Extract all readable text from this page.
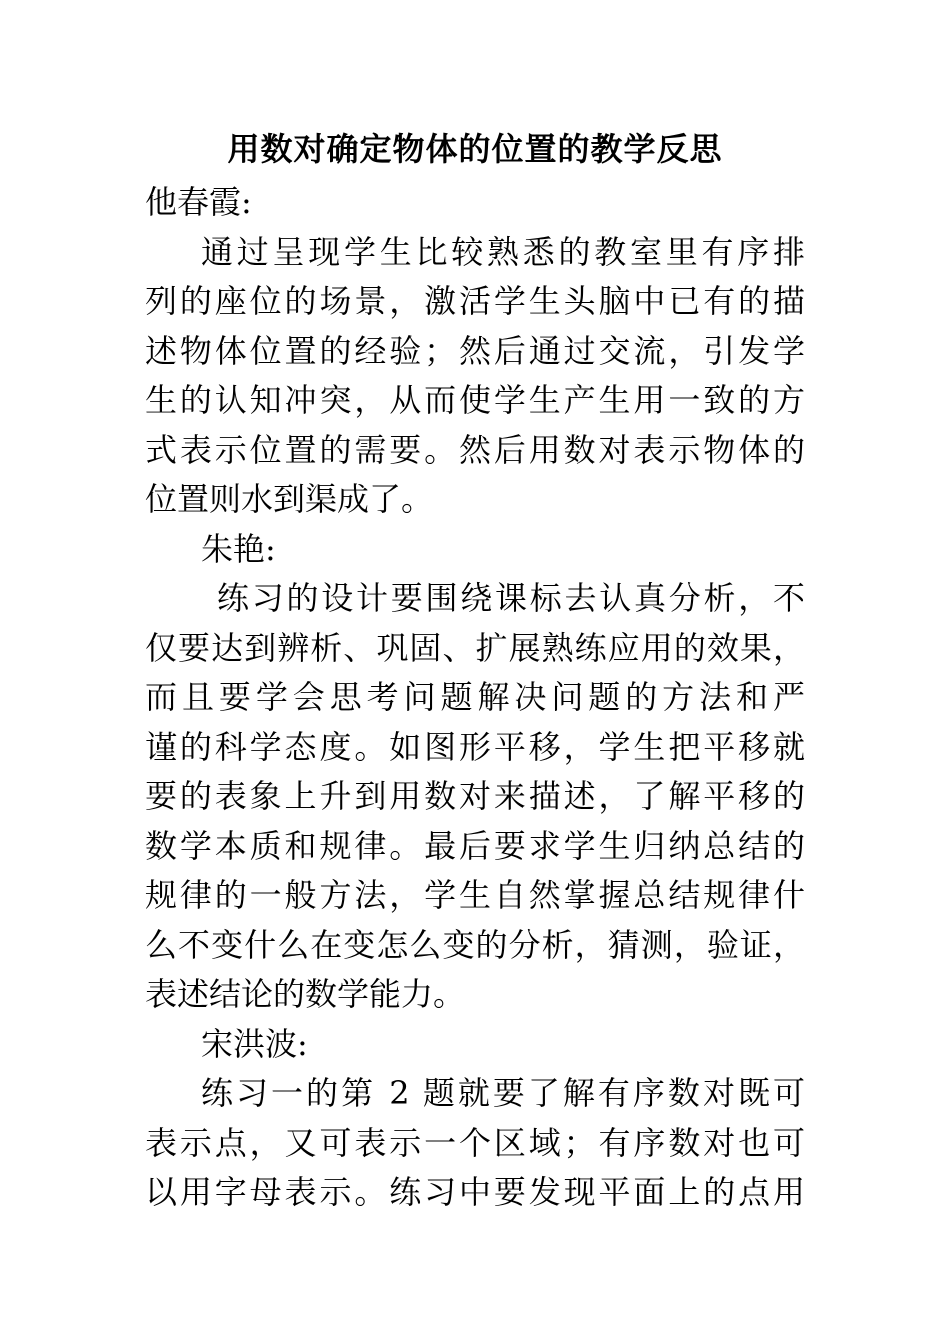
用数对确定物体的位置的教学反思
他春霞:
通过呈现学生比较熟悉的教室里有序排
列的座位的场景，激活学生头脑中已有的描
述物体位置的经验；然后通过交流，引发学
生的认知冲突，从而使学生产生用一致的方
式表示位置的需要。然后用数对表示物体的
位置则水到渠成了。
朱艳:
练习的设计要围绕课标去认真分析，不
仅要达到辨析、巩固、扩展熟练应用的效果，
而且要学会思考问题解决问题的方法和严
谨的科学态度。如图形平移，学生把平移就
要的表象上升到用数对来描述，了解平移的
数学本质和规律。最后要求学生归纳总结的
规律的一般方法，学生自然掌握总结规律什
么不变什么在变怎么变的分析，猜测，验证，
表述结论的数学能力。
宋洪波:
练习一的第 2 题就要了解有序数对既可
表示点，又可表示一个区域；有序数对也可
以用字母表示。练习中要发现平面上的点用
